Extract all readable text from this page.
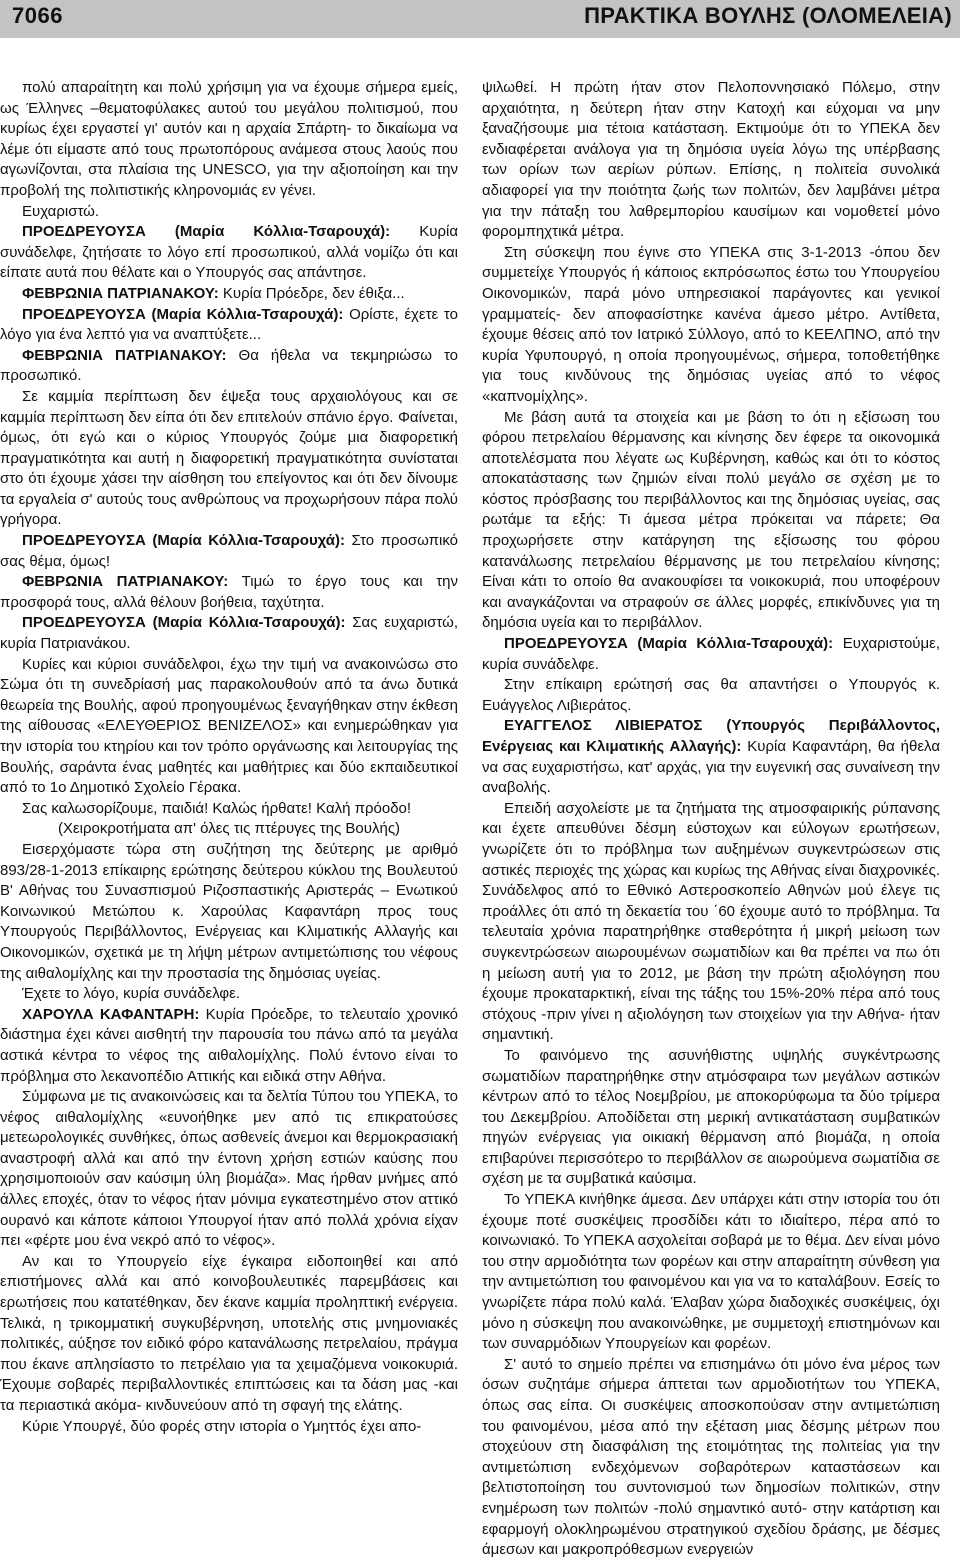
7066	ΠΡΑΚΤΙΚΑ ΒΟΥΛΗΣ (ΟΛΟΜΕΛΕΙΑ)

πολύ απαραίτητη και πολύ χρήσιμη για να έχουμε σήμερα εμείς, ως Έλληνες –θεματοφύλακες αυτού του μεγάλου πολιτισμού, που κυρίως έχει εργαστεί γι' αυτόν και η αρχαία Σπάρτη- το δικαίωμα να λέμε ότι είμαστε από τους πρωτοπόρους ανάμεσα στους λαούς που αγωνίζονται, στα πλαίσια της UNESCO, για την αξιοποίηση και την προβολή της πολιτιστικής κληρονομιάς εν γένει.

Ευχαριστώ.

ΠΡΟΕΔΡΕΥΟΥΣΑ (Μαρία Κόλλια-Τσαρουχά): Κυρία συνάδελφε, ζητήσατε το λόγο επί προσωπικού, αλλά νομίζω ότι και είπατε αυτά που θέλατε και ο Υπουργός σας απάντησε.

ΦΕΒΡΩΝΙΑ ΠΑΤΡΙΑΝΑΚΟΥ: Κυρία Πρόεδρε, δεν έθιξα...

ΠΡΟΕΔΡΕΥΟΥΣΑ (Μαρία Κόλλια-Τσαρουχά): Ορίστε, έχετε το λόγο για ένα λεπτό για να αναπτύξετε...

ΦΕΒΡΩΝΙΑ ΠΑΤΡΙΑΝΑΚΟΥ: Θα ήθελα να τεκμηριώσω το προσωπικό.

Σε καμμία περίπτωση δεν έψεξα τους αρχαιολόγους και σε καμμία περίπτωση δεν είπα ότι δεν επιτελούν σπάνιο έργο. Φαίνεται, όμως, ότι εγώ και ο κύριος Υπουργός ζούμε μια διαφορετική πραγματικότητα και αυτή η διαφορετική πραγματικότητα συνίσταται στο ότι έχουμε χάσει την αίσθηση του επείγοντος και ότι δεν δίνουμε τα εργαλεία σ' αυτούς τους ανθρώπους να προχωρήσουν πάρα πολύ γρήγορα.

ΠΡΟΕΔΡΕΥΟΥΣΑ (Μαρία Κόλλια-Τσαρουχά): Στο προσωπικό σας θέμα, όμως!

ΦΕΒΡΩΝΙΑ ΠΑΤΡΙΑΝΑΚΟΥ: Τιμώ το έργο τους και την προσφορά τους, αλλά θέλουν βοήθεια, ταχύτητα.

ΠΡΟΕΔΡΕΥΟΥΣΑ (Μαρία Κόλλια-Τσαρουχά): Σας ευχαριστώ, κυρία Πατριανάκου.

Κυρίες και κύριοι συνάδελφοι, έχω την τιμή να ανακοινώσω στο Σώμα ότι τη συνεδρίασή μας παρακολουθούν από τα άνω δυτικά θεωρεία της Βουλής, αφού προηγουμένως ξεναγήθηκαν στην έκθεση της αίθουσας «ΕΛΕΥΘΕΡΙΟΣ ΒΕΝΙΖΕΛΟΣ» και ενημερώθηκαν για την ιστορία του κτηρίου και τον τρόπο οργάνωσης και λειτουργίας της Βουλής, σαράντα ένας μαθητές και μαθήτριες και δύο εκπαιδευτικοί από το 1ο Δημοτικό Σχολείο Γέρακα.

Σας καλωσορίζουμε, παιδιά! Καλώς ήρθατε! Καλή πρόοδο!

(Χειροκροτήματα απ' όλες τις πτέρυγες της Βουλής)

Εισερχόμαστε τώρα στη συζήτηση της δεύτερης με αριθμό 893/28-1-2013 επίκαιρης ερώτησης δεύτερου κύκλου της Βουλευτού Β' Αθήνας του Συνασπισμού Ριζοσπαστικής Αριστεράς – Ενωτικού Κοινωνικού Μετώπου κ. Χαρούλας Καφαντάρη προς τους Υπουργούς Περιβάλλοντος, Ενέργειας και Κλιματικής Αλλαγής και Οικονομικών, σχετικά με τη λήψη μέτρων αντιμετώπισης του νέφους της αιθαλομίχλης και την προστασία της δημόσιας υγείας.

Έχετε το λόγο, κυρία συνάδελφε.

ΧΑΡΟΥΛΑ ΚΑΦΑΝΤΑΡΗ: Κυρία Πρόεδρε, το τελευταίο χρονικό διάστημα έχει κάνει αισθητή την παρουσία του πάνω από τα μεγάλα αστικά κέντρα το νέφος της αιθαλομίχλης. Πολύ έντονο είναι το πρόβλημα στο λεκανοπέδιο Αττικής και ειδικά στην Αθήνα.

Σύμφωνα με τις ανακοινώσεις και τα δελτία Τύπου του ΥΠΕΚΑ, το νέφος αιθαλομίχλης «ευνοήθηκε μεν από τις επικρατούσες μετεωρολογικές συνθήκες, όπως ασθενείς άνεμοι και θερμοκρασιακή αναστροφή αλλά και από την έντονη χρήση εστιών καύσης που χρησιμοποιούν σαν καύσιμη ύλη βιομάζα». Μας ήρθαν μνήμες από άλλες εποχές, όταν το νέφος ήταν μόνιμα εγκατεστημένο στον αττικό ουρανό και κάποτε κάποιοι Υπουργοί ήταν από πολλά χρόνια είχαν πει «φέρτε μου ένα νεκρό από το νέφος».

Αν και το Υπουργείο είχε έγκαιρα ειδοποιηθεί και από επιστήμονες αλλά και από κοινοβουλευτικές παρεμβάσεις και ερωτήσεις που κατατέθηκαν, δεν έκανε καμμία προληπτική ενέργεια. Τελικά, η τρικομματική συγκυβέρνηση, υποτελής στις μνημονιακές πολιτικές, αύξησε τον ειδικό φόρο κατανάλωσης πετρελαίου, πράγμα που έκανε απλησίαστο το πετρέλαιο για τα χειμαζόμενα νοικοκυριά. Έχουμε σοβαρές περιβαλλοντικές επιπτώσεις και τα δάση μας -και τα περιαστικά ακόμα- κινδυνεύουν από τη σφαγή της ελάτης.

Κύριε Υπουργέ, δύο φορές στην ιστορία ο Υμηττός έχει απο-

ψιλωθεί. Η πρώτη ήταν στον Πελοποννησιακό Πόλεμο, στην αρχαιότητα, η δεύτερη ήταν στην Κατοχή και εύχομαι να μην ξαναζήσουμε μια τέτοια κατάσταση. Εκτιμούμε ότι το ΥΠΕΚΑ δεν ενδιαφέρεται ανάλογα για τη δημόσια υγεία λόγω της υπέρβασης των ορίων των αερίων ρύπων. Επίσης, η πολιτεία συνολικά αδιαφορεί για την ποιότητα ζωής των πολιτών, δεν λαμβάνει μέτρα για την πάταξη του λαθρεμπορίου καυσίμων και νομοθετεί μόνο φορομπηχτικά μέτρα.

Στη σύσκεψη που έγινε στο ΥΠΕΚΑ στις 3-1-2013 -όπου δεν συμμετείχε Υπουργός ή κάποιος εκπρόσωπος έστω του Υπουργείου Οικονομικών, παρά μόνο υπηρεσιακοί παράγοντες και γενικοί γραμματείς- δεν αποφασίστηκε κανένα άμεσο μέτρο. Αντίθετα, έχουμε θέσεις από τον Ιατρικό Σύλλογο, από το ΚΕΕΛΠΝΟ, από την κυρία Υφυπουργό, η οποία προηγουμένως, σήμερα, τοποθετήθηκε για τους κινδύνους της δημόσιας υγείας από το νέφος «καπνομίχλης».

Με βάση αυτά τα στοιχεία και με βάση το ότι η εξίσωση του φόρου πετρελαίου θέρμανσης και κίνησης δεν έφερε τα οικονομικά αποτελέσματα που λέγατε ως Κυβέρνηση, καθώς και ότι το κόστος αποκατάστασης των ζημιών είναι πολύ μεγάλο σε σχέση με το κόστος πρόσβασης του περιβάλλοντος και της δημόσιας υγείας, σας ρωτάμε τα εξής: Τι άμεσα μέτρα πρόκειται να πάρετε; Θα προχωρήσετε στην κατάργηση της εξίσωσης του φόρου κατανάλωσης πετρελαίου θέρμανσης με του πετρελαίου κίνησης; Είναι κάτι το οποίο θα ανακουφίσει τα νοικοκυριά, που υποφέρουν και αναγκάζονται να στραφούν σε άλλες μορφές, επικίνδυνες για τη δημόσια υγεία και το περιβάλλον.

ΠΡΟΕΔΡΕΥΟΥΣΑ (Μαρία Κόλλια-Τσαρουχά): Ευχαριστούμε, κυρία συνάδελφε.

Στην επίκαιρη ερώτησή σας θα απαντήσει ο Υπουργός κ. Ευάγγελος Λιβιεράτος.

ΕΥΑΓΓΕΛΟΣ ΛΙΒΙΕΡΑΤΟΣ (Υπουργός Περιβάλλοντος, Ενέργειας και Κλιματικής Αλλαγής): Κυρία Καφαντάρη, θα ήθελα να σας ευχαριστήσω, κατ' αρχάς, για την ευγενική σας συναίνεση την αναβολής.

Επειδή ασχολείστε με τα ζητήματα της ατμοσφαιρικής ρύπανσης και έχετε απευθύνει δέσμη εύστοχων και εύλογων ερωτήσεων, γνωρίζετε ότι το πρόβλημα των αυξημένων συγκεντρώσεων στις αστικές περιοχές της χώρας και κυρίως της Αθήνας είναι διαχρονικές. Συνάδελφος από το Εθνικό Αστεροσκοπείο Αθηνών μού έλεγε τις προάλλες ότι από τη δεκαετία του ΄60 έχουμε αυτό το πρόβλημα. Τα τελευταία χρόνια παρατηρήθηκε σταθερότητα ή μικρή μείωση των συγκεντρώσεων αιωρουμένων σωματιδίων και θα πρέπει να πω ότι η μείωση αυτή για το 2012, με βάση την πρώτη αξιολόγηση που έχουμε προκαταρκτική, είναι της τάξης του 15%-20% πέρα από τους στόχους -πριν γίνει η αξιολόγηση των στοιχείων για την Αθήνα- ήταν σημαντική.

Το φαινόμενο της ασυνήθιστης υψηλής συγκέντρωσης σωματιδίων παρατηρήθηκε στην ατμόσφαιρα των μεγάλων αστικών κέντρων από το τέλος Νοεμβρίου, με αποκορύφωμα τα δύο τρίμερα του Δεκεμβρίου. Αποδίδεται στη μερική αντικατάσταση συμβατικών πηγών ενέργειας για οικιακή θέρμανση από βιομάζα, η οποία επιβαρύνει περισσότερο το περιβάλλον σε αιωρούμενα σωματίδια σε σχέση με τα συμβατικά καύσιμα.

Το ΥΠΕΚΑ κινήθηκε άμεσα. Δεν υπάρχει κάτι στην ιστορία του ότι έχουμε ποτέ συσκέψεις προσδίδει κάτι το ιδιαίτερο, πέρα από το κοινωνιακό. Το ΥΠΕΚΑ ασχολείται σοβαρά με το θέμα. Δεν είναι μόνο του στην αρμοδιότητα των φορέων και στην απαραίτητη σύνθεση για την αντιμετώπιση του φαινομένου και για να το καταλάβουν. Εσείς το γνωρίζετε πάρα πολύ καλά. Έλαβαν χώρα διαδοχικές συσκέψεις, όχι μόνο η σύσκεψη που ανακοινώθηκε, με συμμετοχή επιστημόνων και των συναρμόδιων Υπουργείων και φορέων.

Σ' αυτό το σημείο πρέπει να επισημάνω ότι μόνο ένα μέρος των όσων συζητάμε σήμερα άπτεται των αρμοδιοτήτων του ΥΠΕΚΑ, όπως σας είπα. Οι συσκέψεις αποσκοπούσαν στην αντιμετώπιση του φαινομένου, μέσα από την εξέταση μιας δέσμης μέτρων που στοχεύουν στη διασφάλιση της ετοιμότητας της πολιτείας για την αντιμετώπιση ενδεχόμενων σοβαρότερων καταστάσεων και βελτιστοποίηση του συντονισμού των δημοσίων πολιτικών, στην ενημέρωση των πολιτών -πολύ σημαντικό αυτό- στην κατάρτιση και εφαρμογή ολοκληρωμένου στρατηγικού σχεδίου δράσης, με δέσμες άμεσων και μακροπρόθεσμων ενεργειών
